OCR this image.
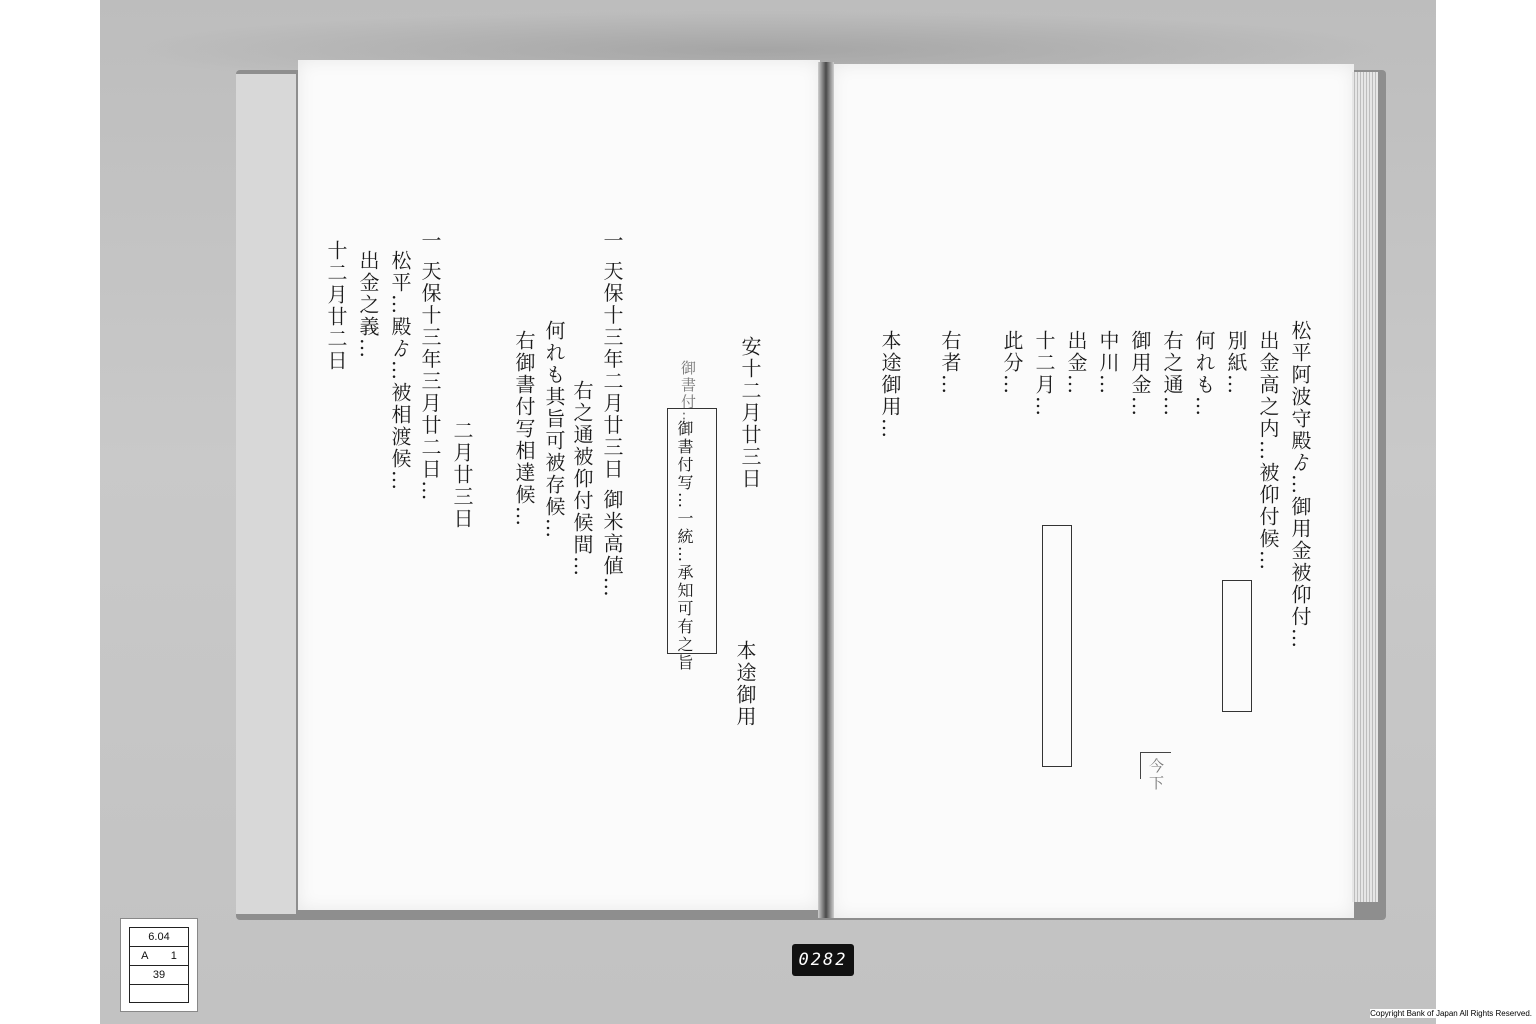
安十二月廿三日
本途御用
御書付…
御書付写…一統…承知可有之旨
一 天保十三年二月廿三日 御米高値…
右之通被仰付候間…
何れも其旨可被存候…
右御書付写相達候…
二月廿三日
一 天保十三年三月廿二日…
松平…殿ゟ…被相渡候…
出金之義…
十二月廿二日
松平阿波守殿ゟ…御用金被仰付…
出金高之内…被仰付候…
別紙…
何れも…
右之通…
御用金…
中川…
出金…
十二月…
此分…
右者…
本途御用…
今下
6.04
A 1
39
0282
Copyright Bank of Japan All Rights Reserved.
